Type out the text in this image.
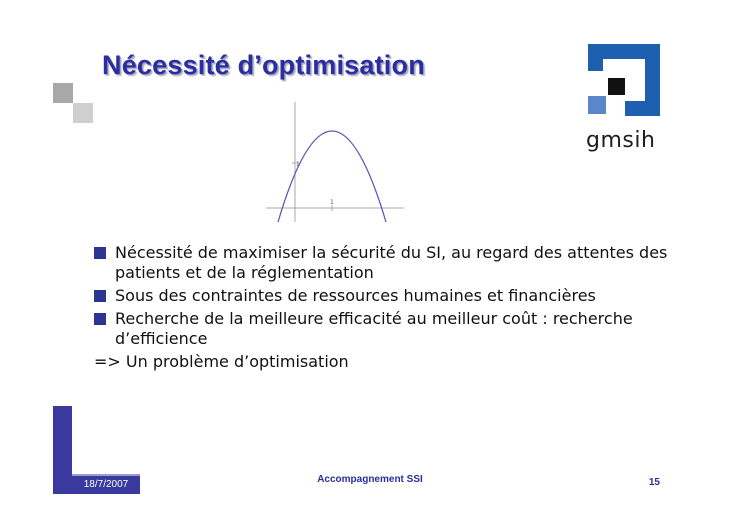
Nécessité d’optimisation
gmsih
1
1
Nécessité de maximiser la sécurité du SI, au regard des attentes des patients et de la réglementation
Sous des contraintes de ressources humaines et financières
Recherche de la meilleure efficacité au meilleur coût : recherche d’efficience
=> Un problème d’optimisation
18/7/2007	Accompagnement SSI	15
